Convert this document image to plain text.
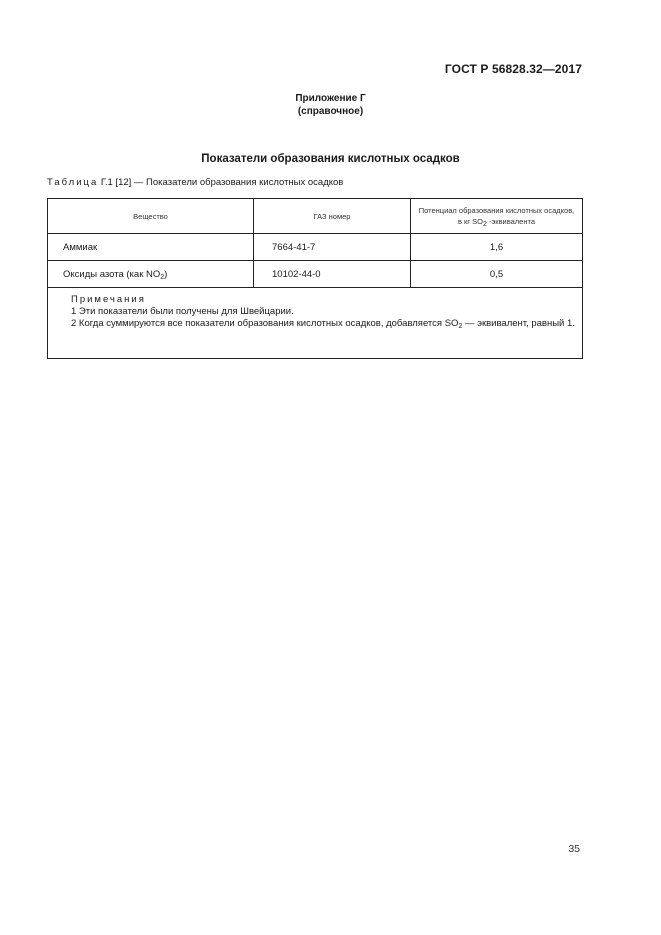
ГОСТ Р 56828.32—2017
Приложение Г
(справочное)
Показатели образования кислотных осадков
Таблица Г.1 [12] — Показатели образования кислотных осадков
Вещество	ГАЗ номер	Потенциал образования кислотных осадков,
в кг $SO_2$ -эквивалента

Аммиак	7664-41-7	1,6
Оксиды азота (как $NO_2$)	10102-44-0	0,5

Примечания
1 Эти показатели были получены для Швейцарии.
2 Когда суммируются все показатели образования кислотных осадков, добавляется $SO_2$ — эквивалент, равный 1.		
35
